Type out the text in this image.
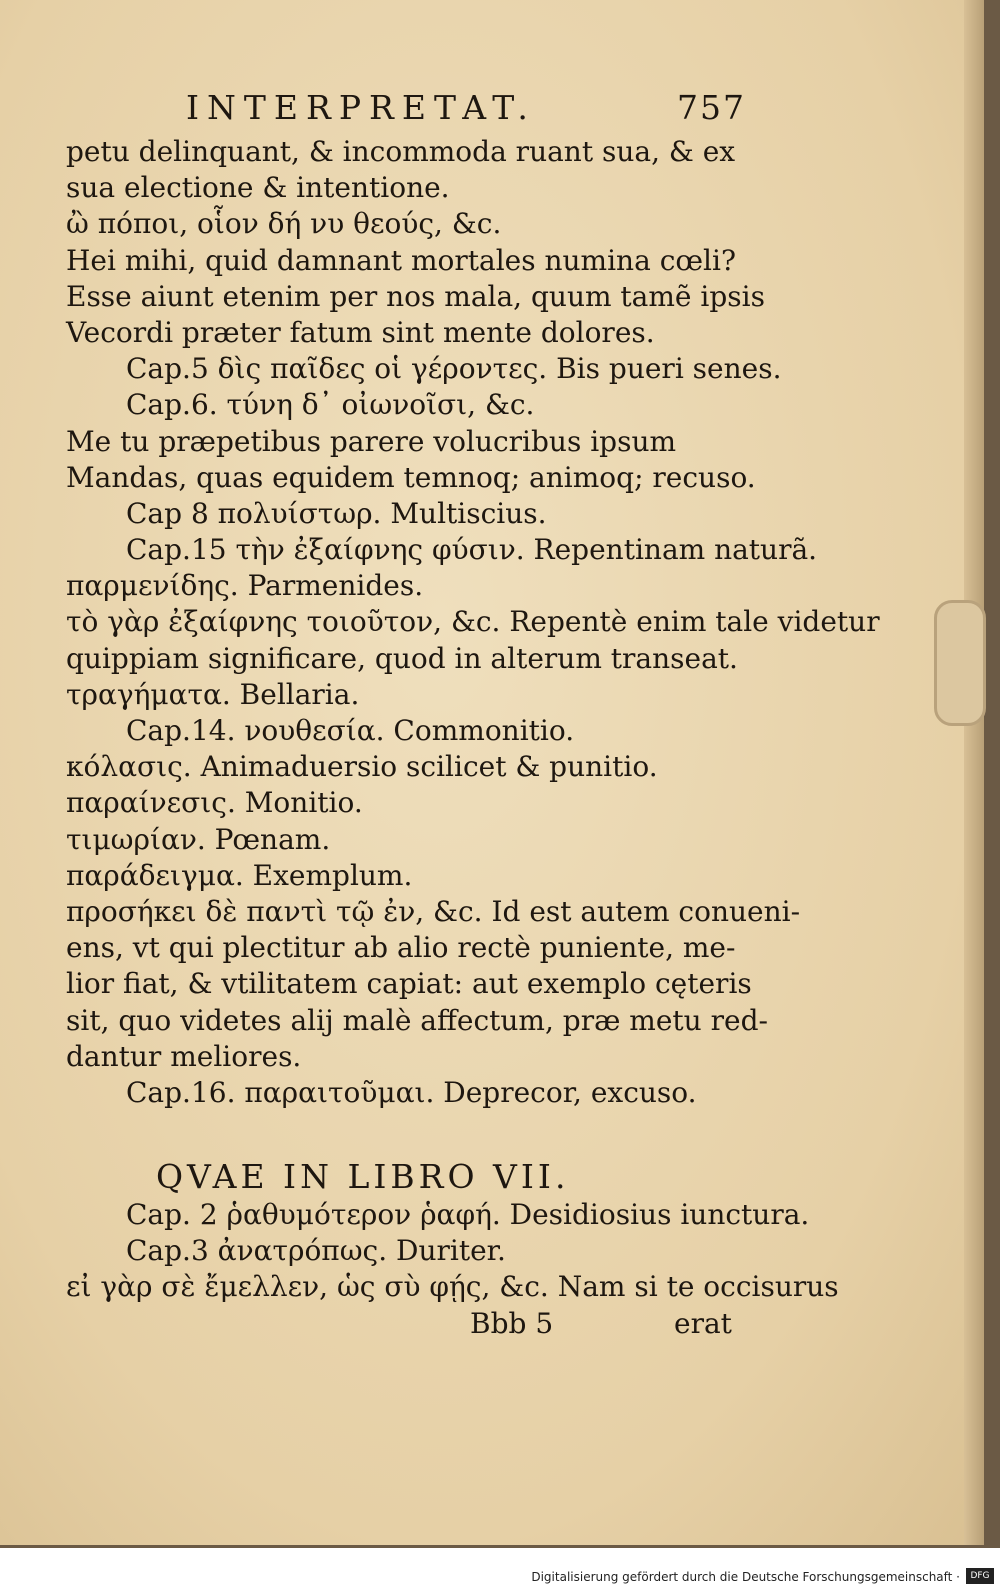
INTERPRETAT.	757
petu delinquant, & incommoda ruant sua, & ex
sua electione & intentione.
ὢ πόποι, οἷον δή νυ θεούς, &c.
Hei mihi, quid damnant mortales numina cœli?
Esse aiunt etenim per nos mala, quum tamẽ ipsis
Vecordi præter fatum sint mente dolores.
Cap.5 δὶς παῖδες οἱ γέροντες. Bis pueri senes.
Cap.6. τύνη δ᾽ οἰωνοῖσι, &c.
Me tu præpetibus parere volucribus ipsum
Mandas, quas equidem temnoq; animoq; recuso.
Cap 8 πολυίστωρ. Multiscius.
Cap.15 τὴν ἐξαίφνης φύσιν. Repentinam naturã.
παρμενίδης. Parmenides.
τὸ γὰρ ἐξαίφνης τοιοῦτον, &c. Repentè enim tale videtur
quippiam significare, quod in alterum transeat.
τραγήματα. Bellaria.
Cap.14. νουθεσία. Commonitio.
κόλασις. Animaduersio scilicet & punitio.
παραίνεσις. Monitio.
τιμωρίαν. Pœnam.
παράδειγμα. Exemplum.
προσήκει δὲ παντὶ τῷ ἐν, &c. Id est autem conueni-
ens, vt qui plectitur ab alio rectè puniente, me-
lior fiat, & vtilitatem capiat: aut exemplo cęteris
sit, quo videtes alij malè affectum, præ metu red-
dantur meliores.
Cap.16. παραιτοῦμαι. Deprecor, excuso.
QVAE IN LIBRO VII.
Cap. 2 ῥαθυμότερον ῥαφή. Desidiosius iunctura.
Cap.3 ἀνατρόπως. Duriter.
εἰ γὰρ σὲ ἔμελλεν, ὡς σὺ φῄς, &c. Nam si te occisurus
Bbb 5	erat
Digitalisierung gefördert durch die Deutsche Forschungsgemeinschaft ·	DFG
